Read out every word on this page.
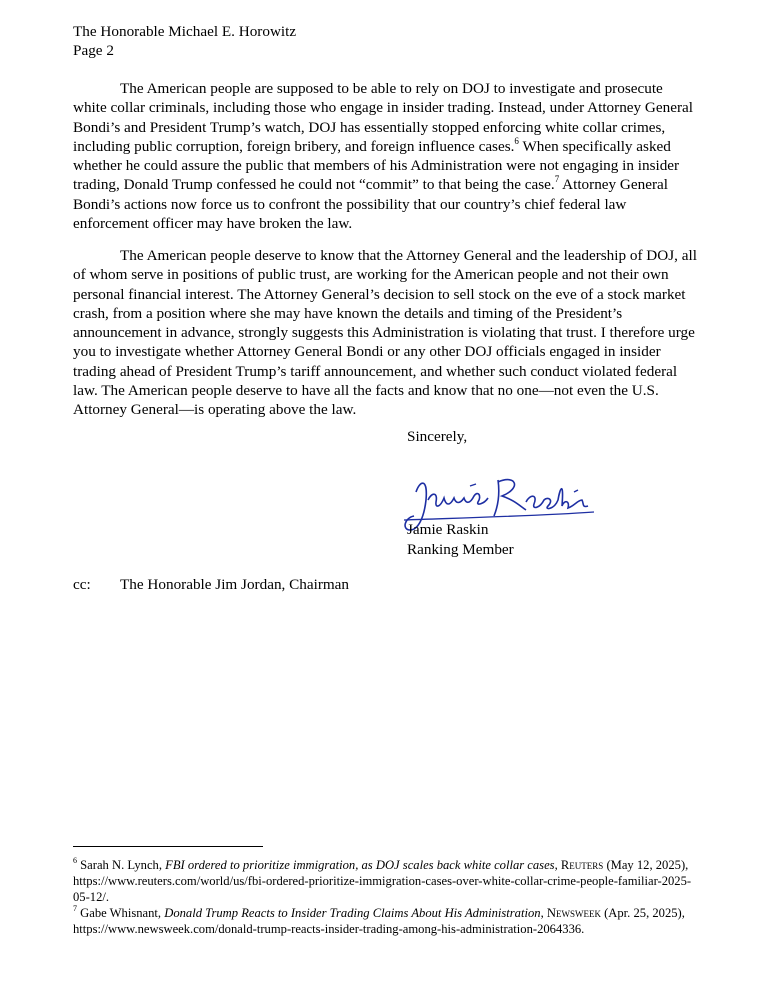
The Honorable Michael E. Horowitz
Page 2
The American people are supposed to be able to rely on DOJ to investigate and prosecute white collar criminals, including those who engage in insider trading. Instead, under Attorney General Bondi’s and President Trump’s watch, DOJ has essentially stopped enforcing white collar crimes, including public corruption, foreign bribery, and foreign influence cases.$^6$ When specifically asked whether he could assure the public that members of his Administration were not engaging in insider trading, Donald Trump confessed he could not “commit” to that being the case.$^7$ Attorney General Bondi’s actions now force us to confront the possibility that our country’s chief federal law enforcement officer may have broken the law.
The American people deserve to know that the Attorney General and the leadership of DOJ, all of whom serve in positions of public trust, are working for the American people and not their own personal financial interest. The Attorney General’s decision to sell stock on the eve of a stock market crash, from a position where she may have known the details and timing of the President’s announcement in advance, strongly suggests this Administration is violating that trust. I therefore urge you to investigate whether Attorney General Bondi or any other DOJ officials engaged in insider trading ahead of President Trump’s tariff announcement, and whether such conduct violated federal law. The American people deserve to have all the facts and know that no one—not even the U.S. Attorney General—is operating above the law.
Sincerely,
Jamie Raskin
Jamie Raskin
Ranking Member
cc: The Honorable Jim Jordan, Chairman
$^6$ Sarah N. Lynch, FBI ordered to prioritize immigration, as DOJ scales back white collar cases, Reuters (May 12, 2025), https://www.reuters.com/world/us/fbi-ordered-prioritize-immigration-cases-over-white-collar-crime-people-familiar-2025-05-12/.
$^7$ Gabe Whisnant, Donald Trump Reacts to Insider Trading Claims About His Administration, Newsweek (Apr. 25, 2025), https://www.newsweek.com/donald-trump-reacts-insider-trading-among-his-administration-2064336.
